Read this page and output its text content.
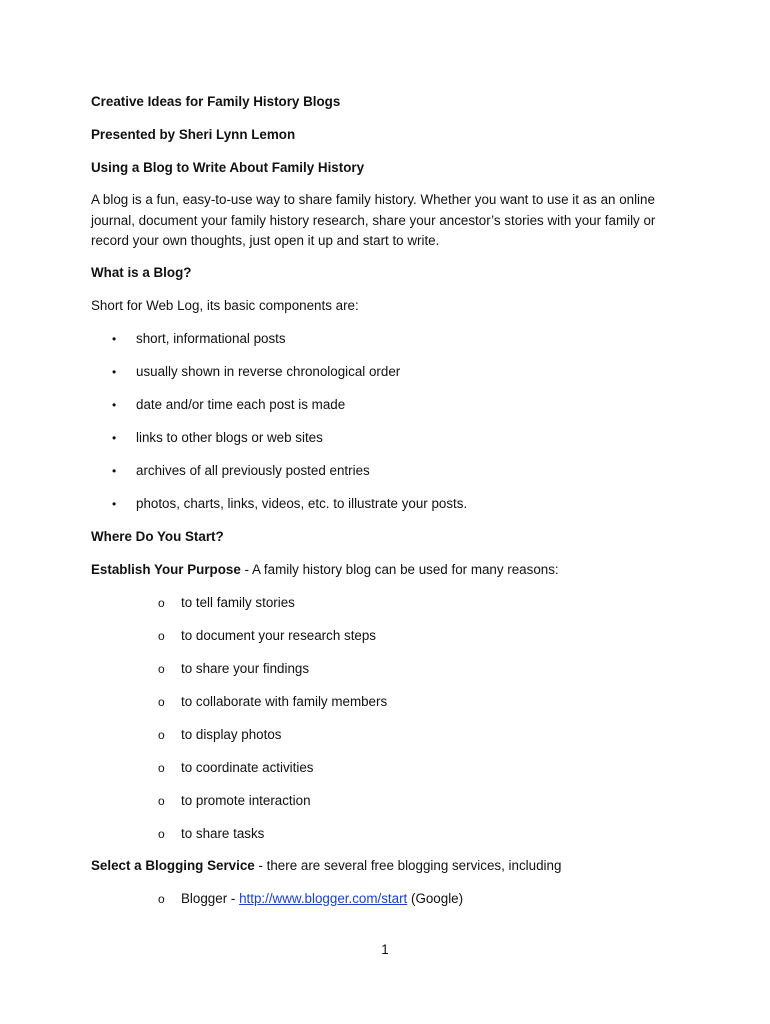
Creative Ideas for Family History Blogs
Presented by Sheri Lynn Lemon
Using a Blog to Write About Family History
A blog is a fun, easy-to-use way to share family history. Whether you want to use it as an online journal, document your family history research, share your ancestor’s stories with your family or record your own thoughts, just open it up and start to write.
What is a Blog?
Short for Web Log, its basic components are:
• short, informational posts
• usually shown in reverse chronological order
• date and/or time each post is made
• links to other blogs or web sites
• archives of all previously posted entries
• photos, charts, links, videos, etc. to illustrate your posts.
Where Do You Start?
Establish Your Purpose - A family history blog can be used for many reasons:
o to tell family stories
o to document your research steps
o to share your findings
o to collaborate with family members
o to display photos
o to coordinate activities
o to promote interaction
o to share tasks
Select a Blogging Service - there are several free blogging services, including
o Blogger - http://www.blogger.com/start (Google)
1
